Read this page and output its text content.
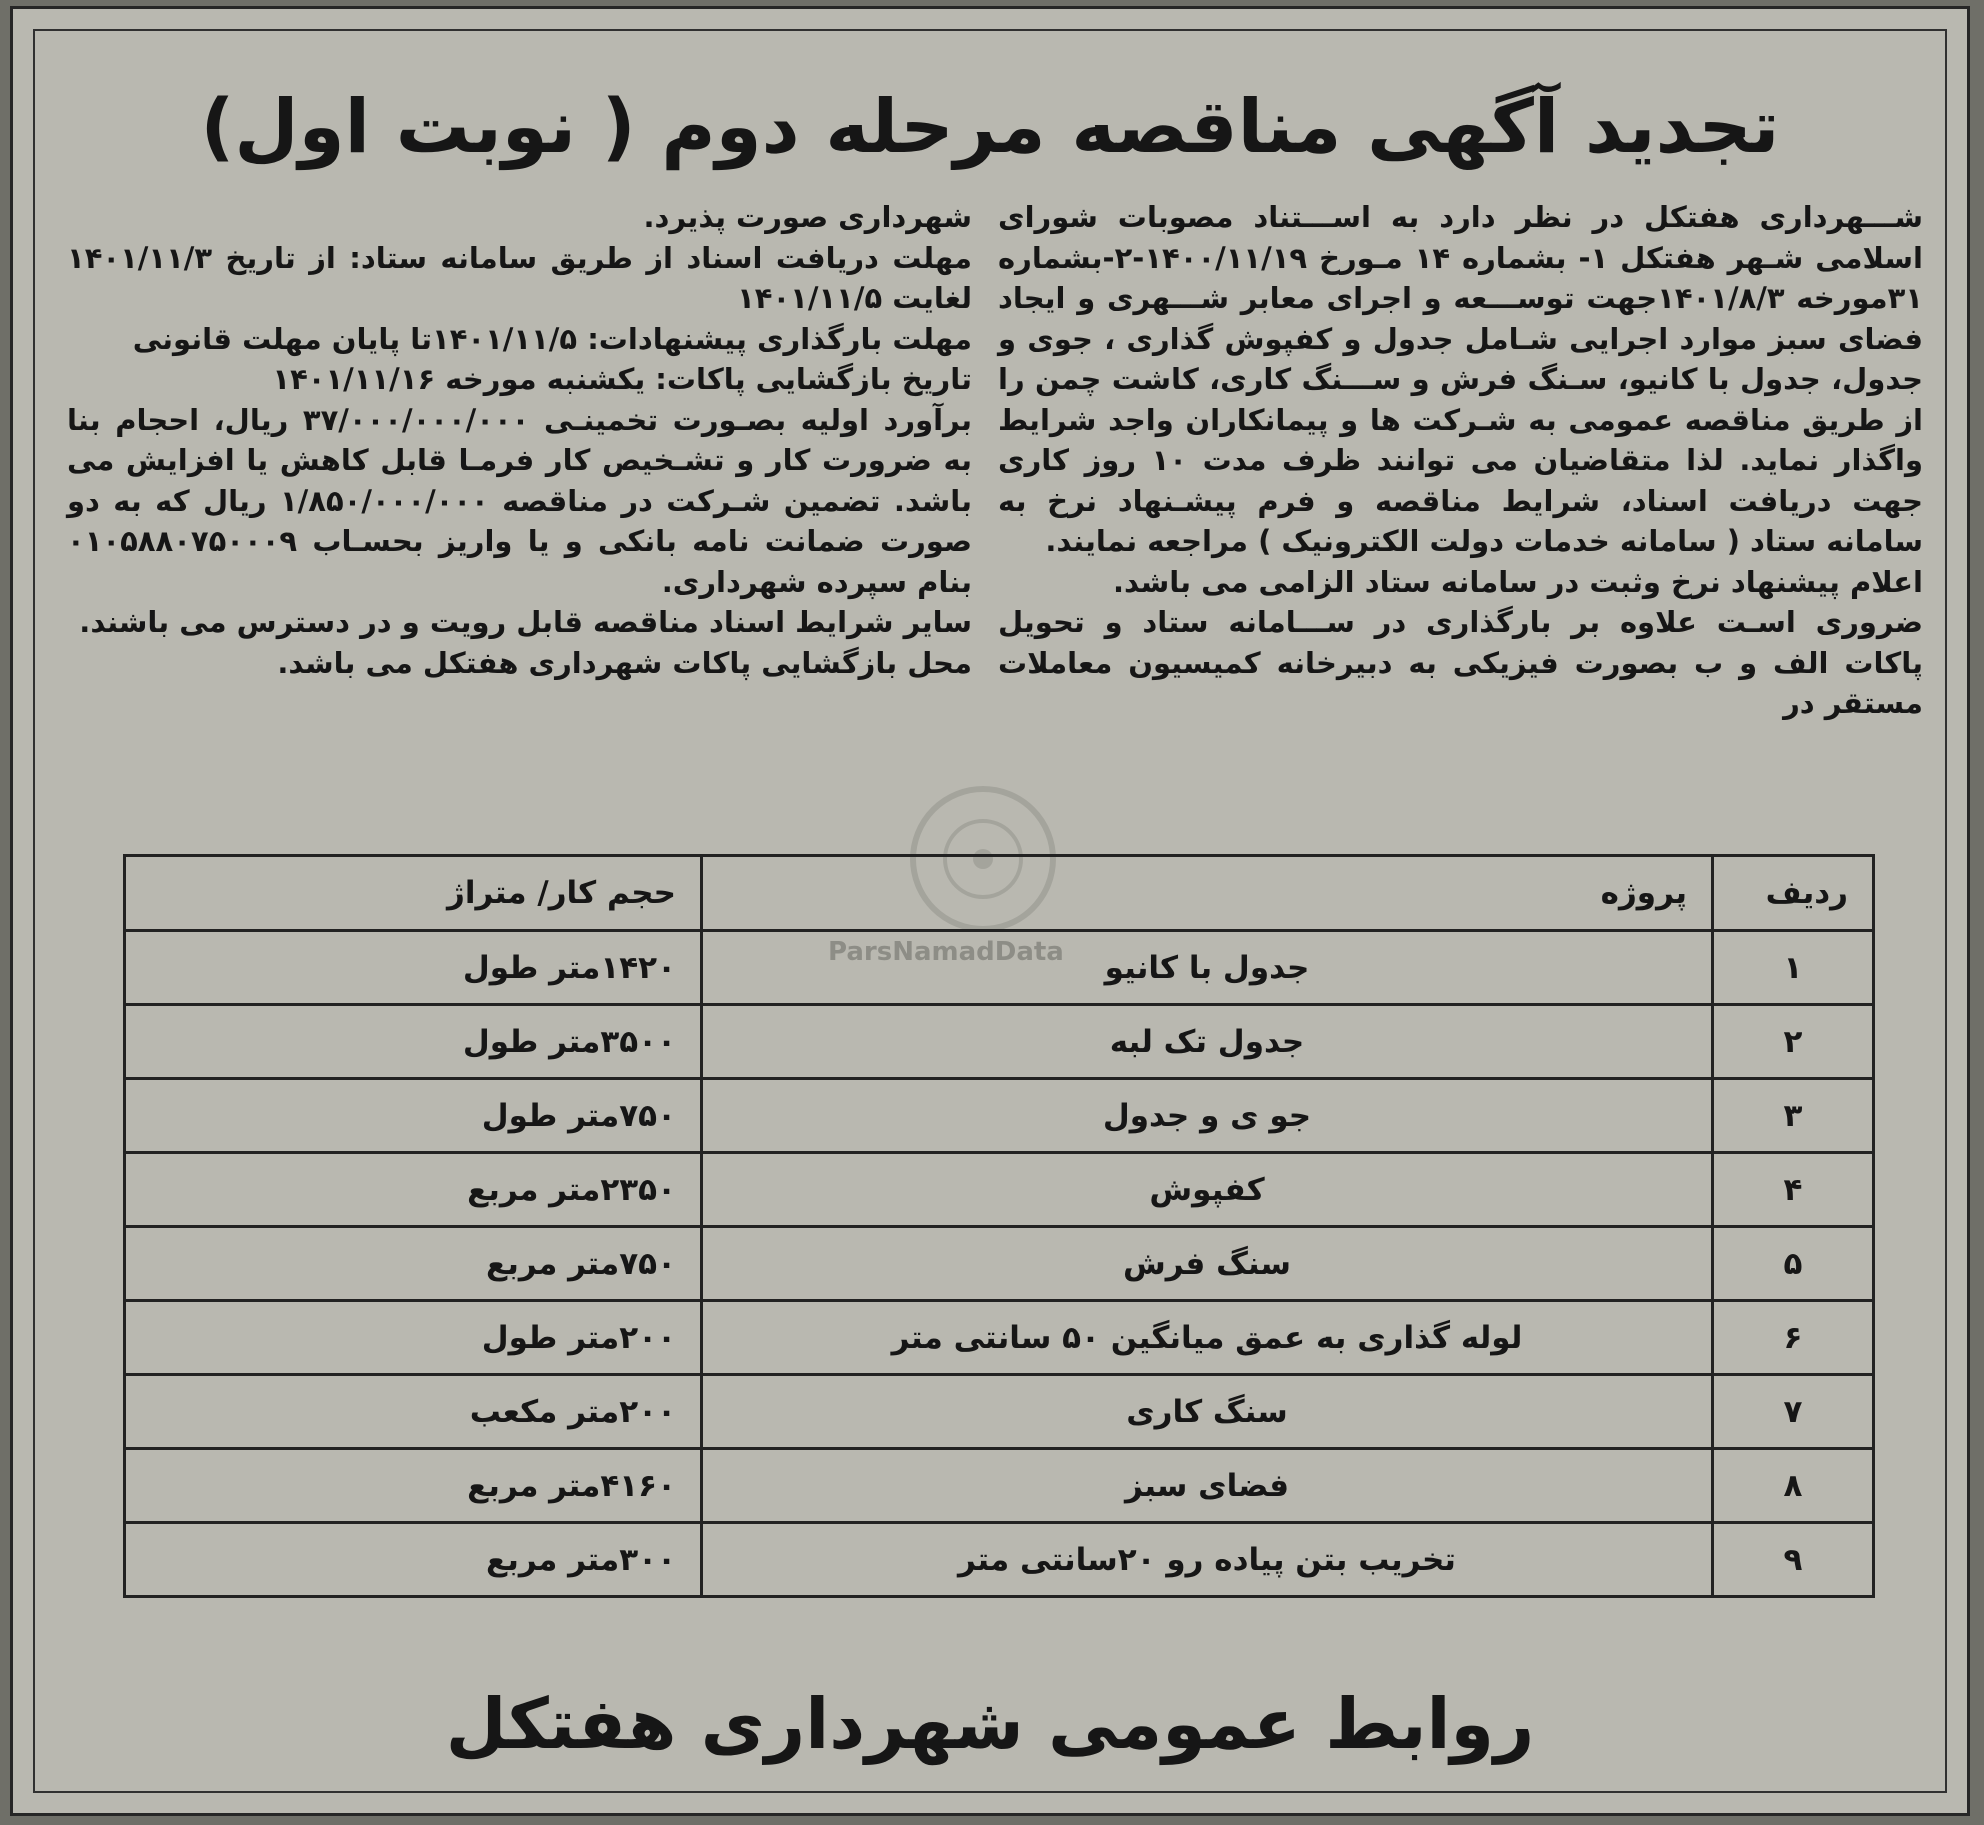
تجدید آگهی مناقصه مرحله دوم ( نوبت اول)

شـــهرداری هفتکل در نظر دارد به اســـتناد مصوبات شورای اسلامی شـهر هفتکل ۱- بشماره ۱۴ مـورخ ۱۴۰۰/۱۱/۱۹-۲-بشماره ۳۱مورخه ۱۴۰۱/۸/۳جهت توســـعه و اجرای معابر شـــهری و ایجاد فضای سبز موارد اجرایی شـامل جدول و کفپوش گذاری ، جوی و جدول، جدول با کانیو، سـنگ فرش و ســـنگ کاری، کاشت چمن را از طریق مناقصه عمومی به شـرکت ها و پیمانکاران واجد شرایط واگذار نماید. لذا متقاضیان می توانند ظرف مدت ۱۰ روز کاری جهت دریافت اسناد، شرایط مناقصه و فرم پیشـنهاد نرخ به سامانه ستاد ( سامانه خدمات دولت الکترونیک ) مراجعه نمایند.

اعلام پیشنهاد نرخ وثبت در سامانه ستاد الزامی می باشد.

ضروری اسـت علاوه بر بارگذاری در ســـامانه ستاد و تحویل پاکات الف و ب بصورت فیزیکی به دبیرخانه کمیسیون معاملات مستقر در

شهرداری صورت پذیرد.

مهلت دریافت اسناد از طریق سامانه ستاد: از تاریخ ۱۴۰۱/۱۱/۳ لغایت ۱۴۰۱/۱۱/۵

مهلت بارگذاری پیشنهادات: ۱۴۰۱/۱۱/۵تا پایان مهلت قانونی

تاریخ بازگشایی پاکات: یکشنبه مورخه ۱۴۰۱/۱۱/۱۶

برآورد اولیه بصـورت تخمینـی ۳۷/۰۰۰/۰۰۰/۰۰۰ ریال، احجام بنا به ضرورت کار و تشـخیص کار فرمـا قابل کاهش یا افزایش می باشد. تضمین شـرکت در مناقصه ۱/۸۵۰/۰۰۰/۰۰۰ ریال که به دو صورت ضمانت نامه بانکی و یا واریز بحسـاب ۰۱۰۵۸۸۰۷۵۰۰۰۹ بنام سپرده شهرداری.

سایر شرایط اسناد مناقصه قابل رویت و در دسترس می باشند.

محل بازگشایی پاکات شهرداری هفتکل می باشد.

ParsNamadData
ردیف	پروژه	حجم کار/ متراژ
۱	جدول با کانیو	۱۴۲۰متر طول
۲	جدول تک لبه	۳۵۰۰متر طول
۳	جو ی و جدول	۷۵۰متر طول
۴	کفپوش	۲۳۵۰متر مربع
۵	سنگ فرش	۷۵۰متر مربع
۶	لوله گذاری به عمق میانگین ۵۰ سانتی متر	۲۰۰متر طول
۷	سنگ کاری	۲۰۰متر مکعب
۸	فضای سبز	۴۱۶۰متر مربع
۹	تخریب بتن پیاده رو ۲۰سانتی متر	۳۰۰متر مربع
روابط عمومی شهرداری هفتکل
